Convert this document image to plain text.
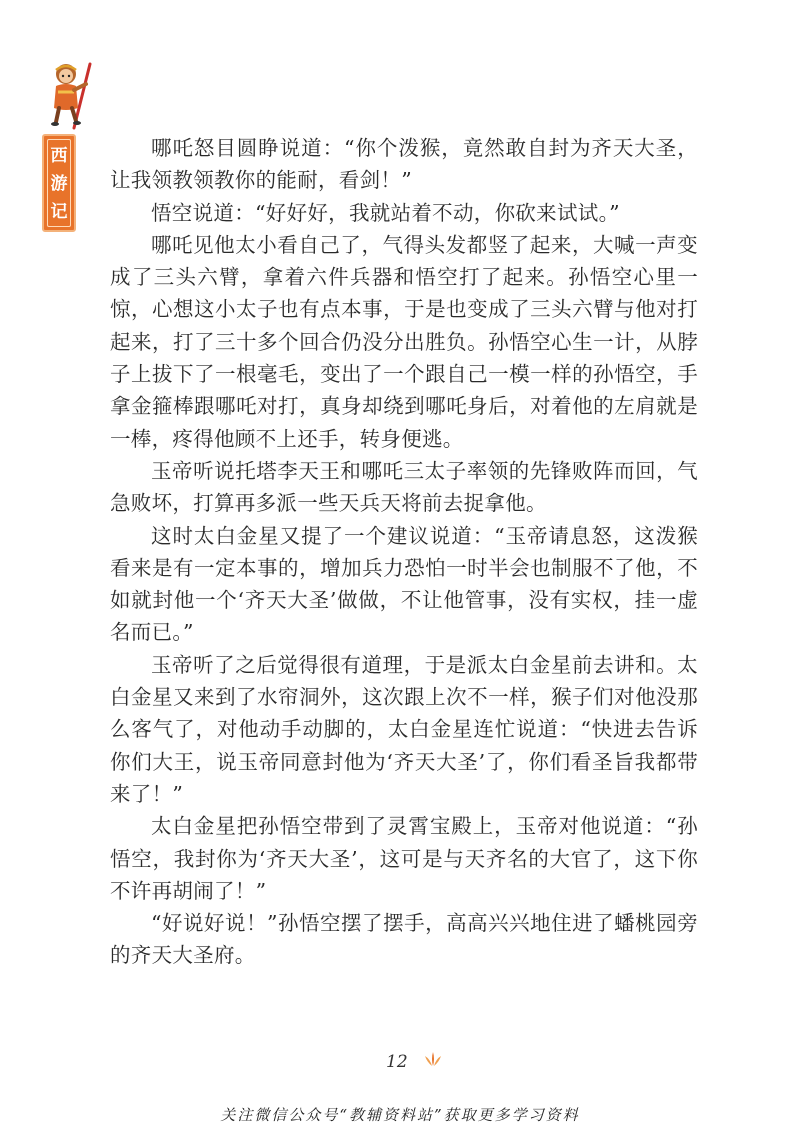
西
游
记

哪吒怒目圆睁说道：“你个泼猴，竟然敢自封为齐天大圣，让我领教领教你的能耐，看剑！”

悟空说道：“好好好，我就站着不动，你砍来试试。”

哪吒见他太小看自己了，气得头发都竖了起来，大喊一声变成了三头六臂，拿着六件兵器和悟空打了起来。孙悟空心里一惊，心想这小太子也有点本事，于是也变成了三头六臂与他对打起来，打了三十多个回合仍没分出胜负。孙悟空心生一计，从脖子上拔下了一根毫毛，变出了一个跟自己一模一样的孙悟空，手拿金箍棒跟哪吒对打，真身却绕到哪吒身后，对着他的左肩就是一棒，疼得他顾不上还手，转身便逃。

玉帝听说托塔李天王和哪吒三太子率领的先锋败阵而回，气急败坏，打算再多派一些天兵天将前去捉拿他。

这时太白金星又提了一个建议说道：“玉帝请息怒，这泼猴看来是有一定本事的，增加兵力恐怕一时半会也制服不了他，不如就封他一个‘齐天大圣’做做，不让他管事，没有实权，挂一虚名而已。”

玉帝听了之后觉得很有道理，于是派太白金星前去讲和。太白金星又来到了水帘洞外，这次跟上次不一样，猴子们对他没那么客气了，对他动手动脚的，太白金星连忙说道：“快进去告诉你们大王，说玉帝同意封他为‘齐天大圣’了，你们看圣旨我都带来了！”

太白金星把孙悟空带到了灵霄宝殿上，玉帝对他说道：“孙悟空，我封你为‘齐天大圣’，这可是与天齐名的大官了，这下你不许再胡闹了！”

“好说好说！”孙悟空摆了摆手，高高兴兴地住进了蟠桃园旁的齐天大圣府。

12
关注微信公众号“教辅资料站”获取更多学习资料
